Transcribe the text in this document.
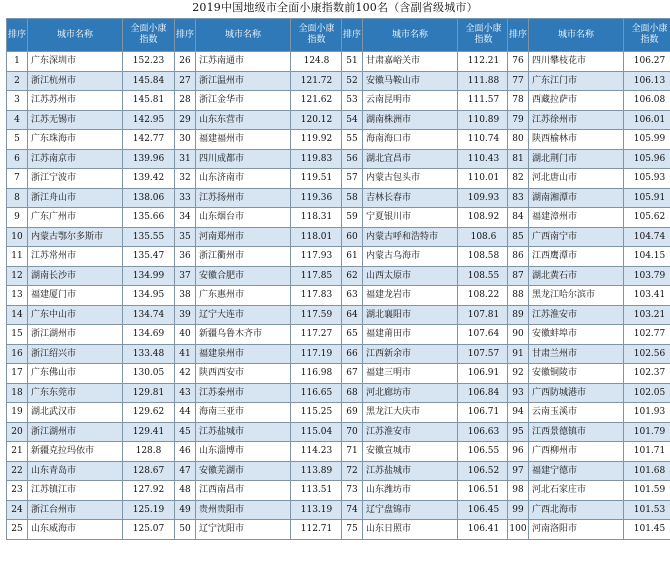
2019中国地级市全面小康指数前100名（含副省级城市）
排序	城市名称	全面小康指数
1	广东深圳市	152.23
2	浙江杭州市	145.84
3	江苏苏州市	145.81
4	江苏无锡市	142.95
5	广东珠海市	142.77
6	江苏南京市	139.96
7	浙江宁波市	139.42
8	浙江舟山市	138.06
9	广东广州市	135.66
10	内蒙古鄂尔多斯市	135.55
11	江苏常州市	135.47
12	湖南长沙市	134.99
13	福建厦门市	134.95
14	广东中山市	134.74
15	浙江湖州市	134.69
16	浙江绍兴市	133.48
17	广东佛山市	130.05
18	广东东莞市	129.81
19	湖北武汉市	129.62
20	浙江湖州市	129.41
21	新疆克拉玛依市	128.8
22	山东青岛市	128.67
23	江苏镇江市	127.92
24	浙江台州市	125.19
25	山东威海市	125.07
排序	城市名称	全面小康指数
26	江苏南通市	124.8
27	浙江温州市	121.72
28	浙江金华市	121.62
29	山东东营市	120.12
30	福建福州市	119.92
31	四川成都市	119.83
32	山东济南市	119.51
33	江苏扬州市	119.36
34	山东烟台市	118.31
35	河南郑州市	118.01
36	浙江衢州市	117.93
37	安徽合肥市	117.85
38	广东惠州市	117.83
39	辽宁大连市	117.59
40	新疆乌鲁木齐市	117.27
41	福建泉州市	117.19
42	陕西西安市	116.98
43	江苏泰州市	116.65
44	海南三亚市	115.25
45	江苏盐城市	115.04
46	山东淄博市	114.23
47	安徽芜湖市	113.89
48	江西南昌市	113.51
49	贵州贵阳市	113.19
50	辽宁沈阳市	112.71
排序	城市名称	全面小康指数
51	甘肃嘉峪关市	112.21
52	安徽马鞍山市	111.88
53	云南昆明市	111.57
54	湖南株洲市	110.89
55	海南海口市	110.74
56	湖北宜昌市	110.43
57	内蒙古包头市	110.01
58	吉林长春市	109.93
59	宁夏银川市	108.92
60	内蒙古呼和浩特市	108.6
61	内蒙古乌海市	108.58
62	山西太原市	108.55
63	福建龙岩市	108.22
64	湖北襄阳市	107.81
65	福建莆田市	107.64
66	江西新余市	107.57
67	福建三明市	106.91
68	河北廊坊市	106.84
69	黑龙江大庆市	106.71
70	江苏淮安市	106.63
71	安徽宣城市	106.55
72	江苏盐城市	106.52
73	山东潍坊市	106.51
74	辽宁盘锦市	106.45
75	山东日照市	106.41
排序	城市名称	全面小康指数
76	四川攀枝花市	106.27
77	广东江门市	106.13
78	西藏拉萨市	106.08
79	江苏徐州市	106.01
80	陕西榆林市	105.99
81	湖北荆门市	105.96
82	河北唐山市	105.93
83	湖南湘潭市	105.91
84	福建漳州市	105.62
85	广西南宁市	104.74
86	江西鹰潭市	104.15
87	湖北黄石市	103.79
88	黑龙江哈尔滨市	103.41
89	江苏淮安市	103.21
90	安徽蚌埠市	102.77
91	甘肃兰州市	102.56
92	安徽铜陵市	102.37
93	广西防城港市	102.05
94	云南玉溪市	101.93
95	江西景德镇市	101.79
96	广西柳州市	101.71
97	福建宁德市	101.68
98	河北石家庄市	101.59
99	广西北海市	101.53
100	河南洛阳市	101.45
